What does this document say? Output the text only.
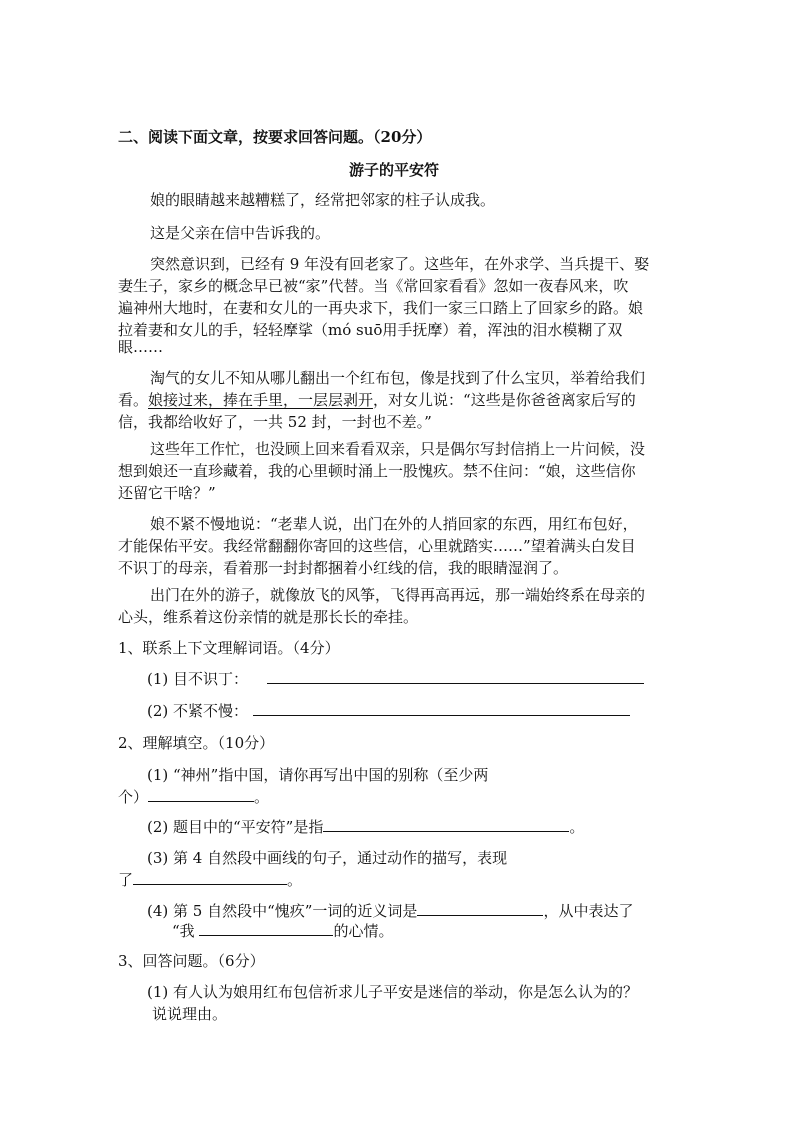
二、阅读下面文章，按要求回答问题。（20分）
游子的平安符
娘的眼睛越来越糟糕了，经常把邻家的柱子认成我。
这是父亲在信中告诉我的。
突然意识到，已经有 9 年没有回老家了。这些年，在外求学、当兵提干、娶
妻生子，家乡的概念早已被“家”代替。当《常回家看看》忽如一夜春风来，吹
遍神州大地时，在妻和女儿的一再央求下，我们一家三口踏上了回家乡的路。娘
拉着妻和女儿的手，轻轻摩挲（mó suō用手抚摩）着，浑浊的泪水模糊了双
眼……
淘气的女儿不知从哪儿翻出一个红布包，像是找到了什么宝贝，举着给我们
看。娘接过来，捧在手里，一层层剥开，对女儿说：“这些是你爸爸离家后写的
信，我都给收好了，一共 52 封，一封也不差。”
这些年工作忙，也没顾上回来看看双亲，只是偶尔写封信捎上一片问候，没
想到娘还一直珍藏着，我的心里顿时涌上一股愧疚。禁不住问：“娘，这些信你
还留它干啥？”
娘不紧不慢地说：“老辈人说，出门在外的人捎回家的东西，用红布包好，
才能保佑平安。我经常翻翻你寄回的这些信，心里就踏实……”望着满头白发目
不识丁的母亲，看着那一封封都捆着小红线的信，我的眼睛湿润了。
出门在外的游子，就像放飞的风筝，飞得再高再远，那一端始终系在母亲的
心头，维系着这份亲情的就是那长长的牵挂。
1、联系上下文理解词语。（4分）
(1) 目不识丁：
(2) 不紧不慢：
2、理解填空。（10分）
(1) “神州”指中国，请你再写出中国的别称（至少两
个）	。
(2) 题目中的“平安符”是指	。
(3) 第 4 自然段中画线的句子，通过动作的描写，表现
了	。
(4) 第 5 自然段中“愧疚”一词的近义词是	，从中表达了
“我	的心情。
3、回答问题。（6分）
(1) 有人认为娘用红布包信祈求儿子平安是迷信的举动，你是怎么认为的？
说说理由。
